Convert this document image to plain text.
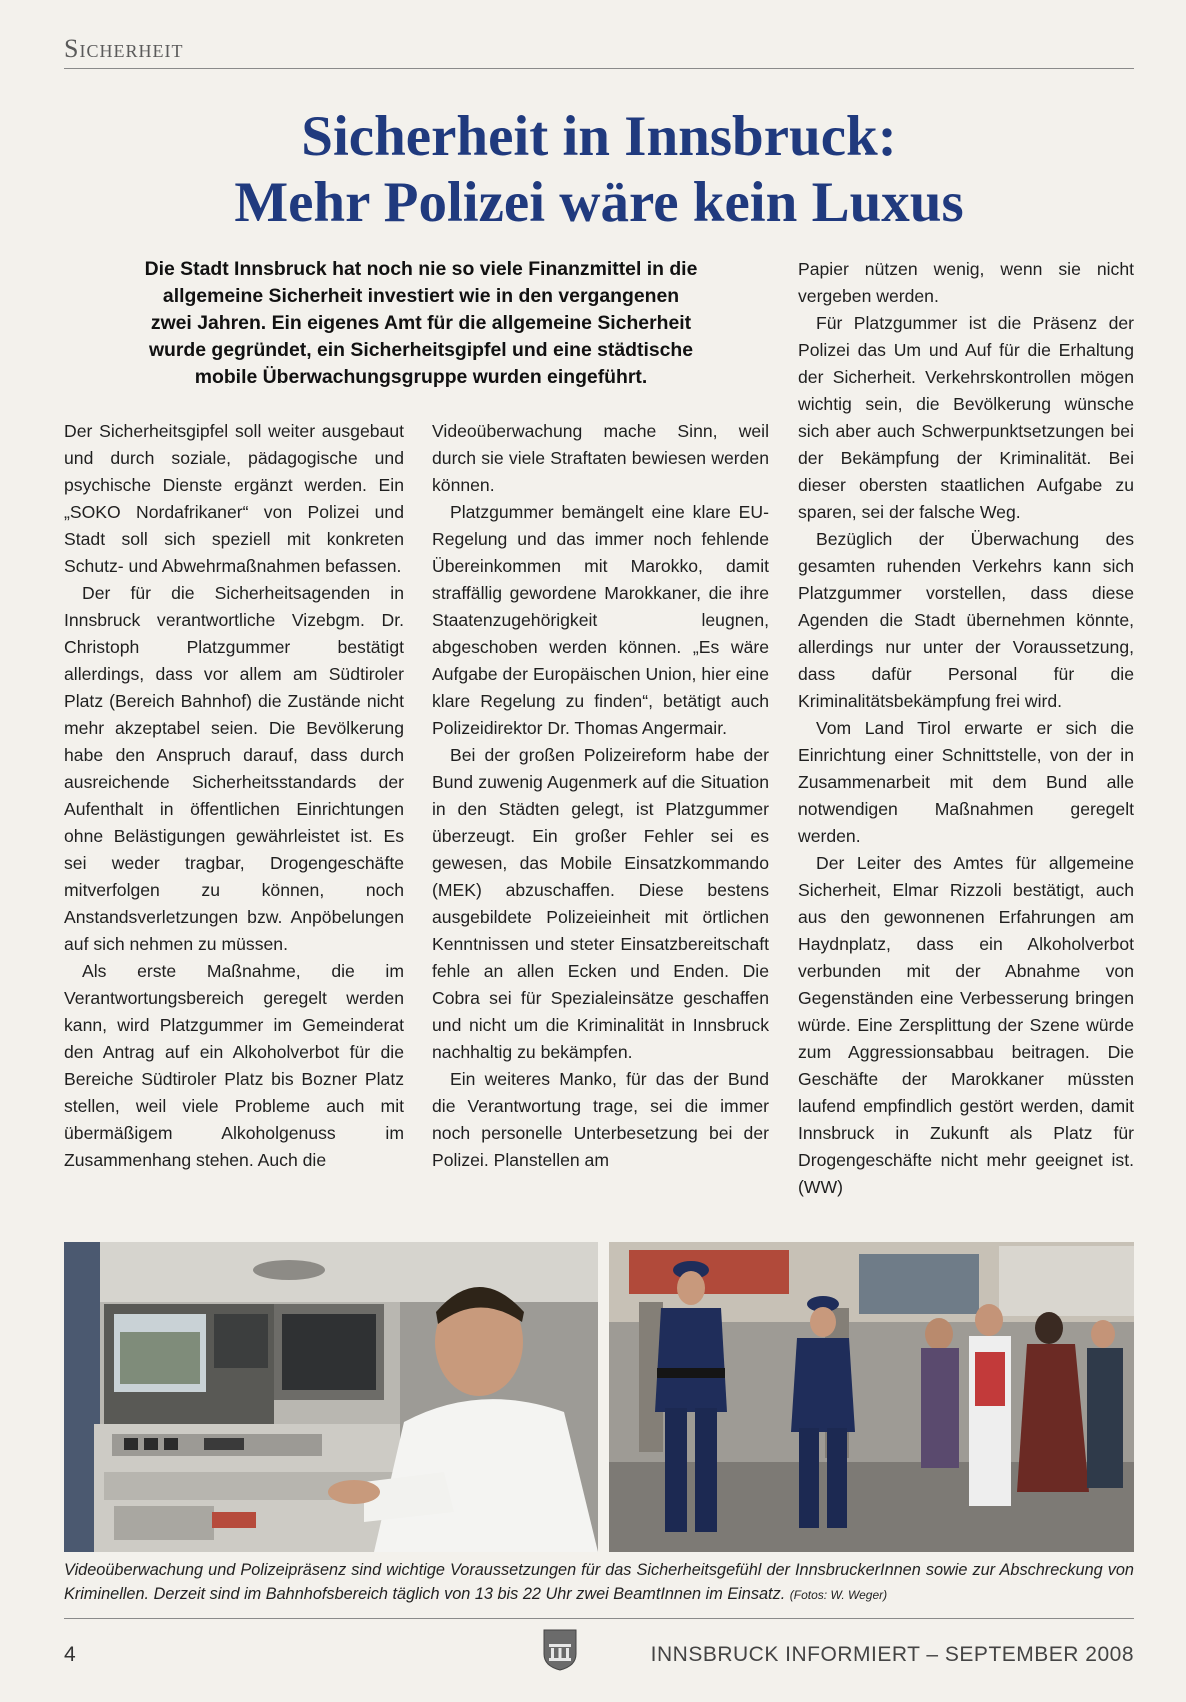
Sicherheit
Sicherheit in Innsbruck:
Mehr Polizei wäre kein Luxus
Die Stadt Innsbruck hat noch nie so viele Finanzmittel in die
allgemeine Sicherheit investiert wie in den vergangenen
zwei Jahren. Ein eigenes Amt für die allgemeine Sicherheit
wurde gegründet, ein Sicherheitsgipfel und eine städtische
mobile Überwachungsgruppe wurden eingeführt.

Der Sicherheitsgipfel soll weiter ausgebaut und durch soziale, pädagogische und psychische Dienste ergänzt werden. Ein „SOKO Nordafrikaner“ von Polizei und Stadt soll sich speziell mit konkreten Schutz- und Abwehrmaßnahmen befassen.

Der für die Sicherheitsagenden in Innsbruck verantwortliche Vizebgm. Dr. Christoph Platzgummer bestätigt allerdings, dass vor allem am Südtiroler Platz (Bereich Bahnhof) die Zustände nicht mehr akzeptabel seien. Die Bevölkerung habe den Anspruch darauf, dass durch ausreichende Sicherheitsstandards der Aufenthalt in öffentlichen Einrichtungen ohne Belästigungen gewährleistet ist. Es sei weder tragbar, Drogengeschäfte mitverfolgen zu können, noch Anstandsverletzungen bzw. Anpöbelungen auf sich nehmen zu müssen.

Als erste Maßnahme, die im Verantwortungsbereich geregelt werden kann, wird Platzgummer im Gemeinderat den Antrag auf ein Alkoholverbot für die Bereiche Südtiroler Platz bis Bozner Platz stellen, weil viele Probleme auch mit übermäßigem Alkoholgenuss im Zusammenhang stehen. Auch die

Videoüberwachung mache Sinn, weil durch sie viele Straftaten bewiesen werden können.

Platzgummer bemängelt eine klare EU-Regelung und das immer noch fehlende Übereinkommen mit Marokko, damit straffällig gewordene Marokkaner, die ihre Staatenzugehörigkeit leugnen, abgeschoben werden können. „Es wäre Aufgabe der Europäischen Union, hier eine klare Regelung zu finden“, betätigt auch Polizeidirektor Dr. Thomas Angermair.

Bei der großen Polizeireform habe der Bund zuwenig Augenmerk auf die Situation in den Städten gelegt, ist Platzgummer überzeugt. Ein großer Fehler sei es gewesen, das Mobile Einsatzkommando (MEK) abzuschaffen. Diese bestens ausgebildete Polizeieinheit mit örtlichen Kenntnissen und steter Einsatzbereitschaft fehle an allen Ecken und Enden. Die Cobra sei für Spezialeinsätze geschaffen und nicht um die Kriminalität in Innsbruck nachhaltig zu bekämpfen.

Ein weiteres Manko, für das der Bund die Verantwortung trage, sei die immer noch personelle Unterbesetzung bei der Polizei. Planstellen am

Papier nützen wenig, wenn sie nicht vergeben werden.

Für Platzgummer ist die Präsenz der Polizei das Um und Auf für die Erhaltung der Sicherheit. Verkehrskontrollen mögen wichtig sein, die Bevölkerung wünsche sich aber auch Schwerpunktsetzungen bei der Bekämpfung der Kriminalität. Bei dieser obersten staatlichen Aufgabe zu sparen, sei der falsche Weg.

Bezüglich der Überwachung des gesamten ruhenden Verkehrs kann sich Platzgummer vorstellen, dass diese Agenden die Stadt übernehmen könnte, allerdings nur unter der Voraussetzung, dass dafür Personal für die Kriminalitätsbekämpfung frei wird.

Vom Land Tirol erwarte er sich die Einrichtung einer Schnittstelle, von der in Zusammenarbeit mit dem Bund alle notwendigen Maßnahmen geregelt werden.

Der Leiter des Amtes für allgemeine Sicherheit, Elmar Rizzoli bestätigt, auch aus den gewonnenen Erfahrungen am Haydnplatz, dass ein Alkoholverbot verbunden mit der Abnahme von Gegenständen eine Verbesserung bringen würde. Eine Zersplittung der Szene würde zum Aggressionsabbau beitragen. Die Geschäfte der Marokkaner müssten laufend empfindlich gestört werden, damit Innsbruck in Zukunft als Platz für Drogengeschäfte nicht mehr geeignet ist. (WW)

Videoüberwachung und Polizeipräsenz sind wichtige Voraussetzungen für das Sicherheitsgefühl der InnsbruckerInnen sowie zur Abschreckung von Kriminellen. Derzeit sind im Bahnhofsbereich täglich von 13 bis 22 Uhr zwei BeamtInnen im Einsatz. (Fotos: W. Weger)
4	INNSBRUCK INFORMIERT – SEPTEMBER 2008
